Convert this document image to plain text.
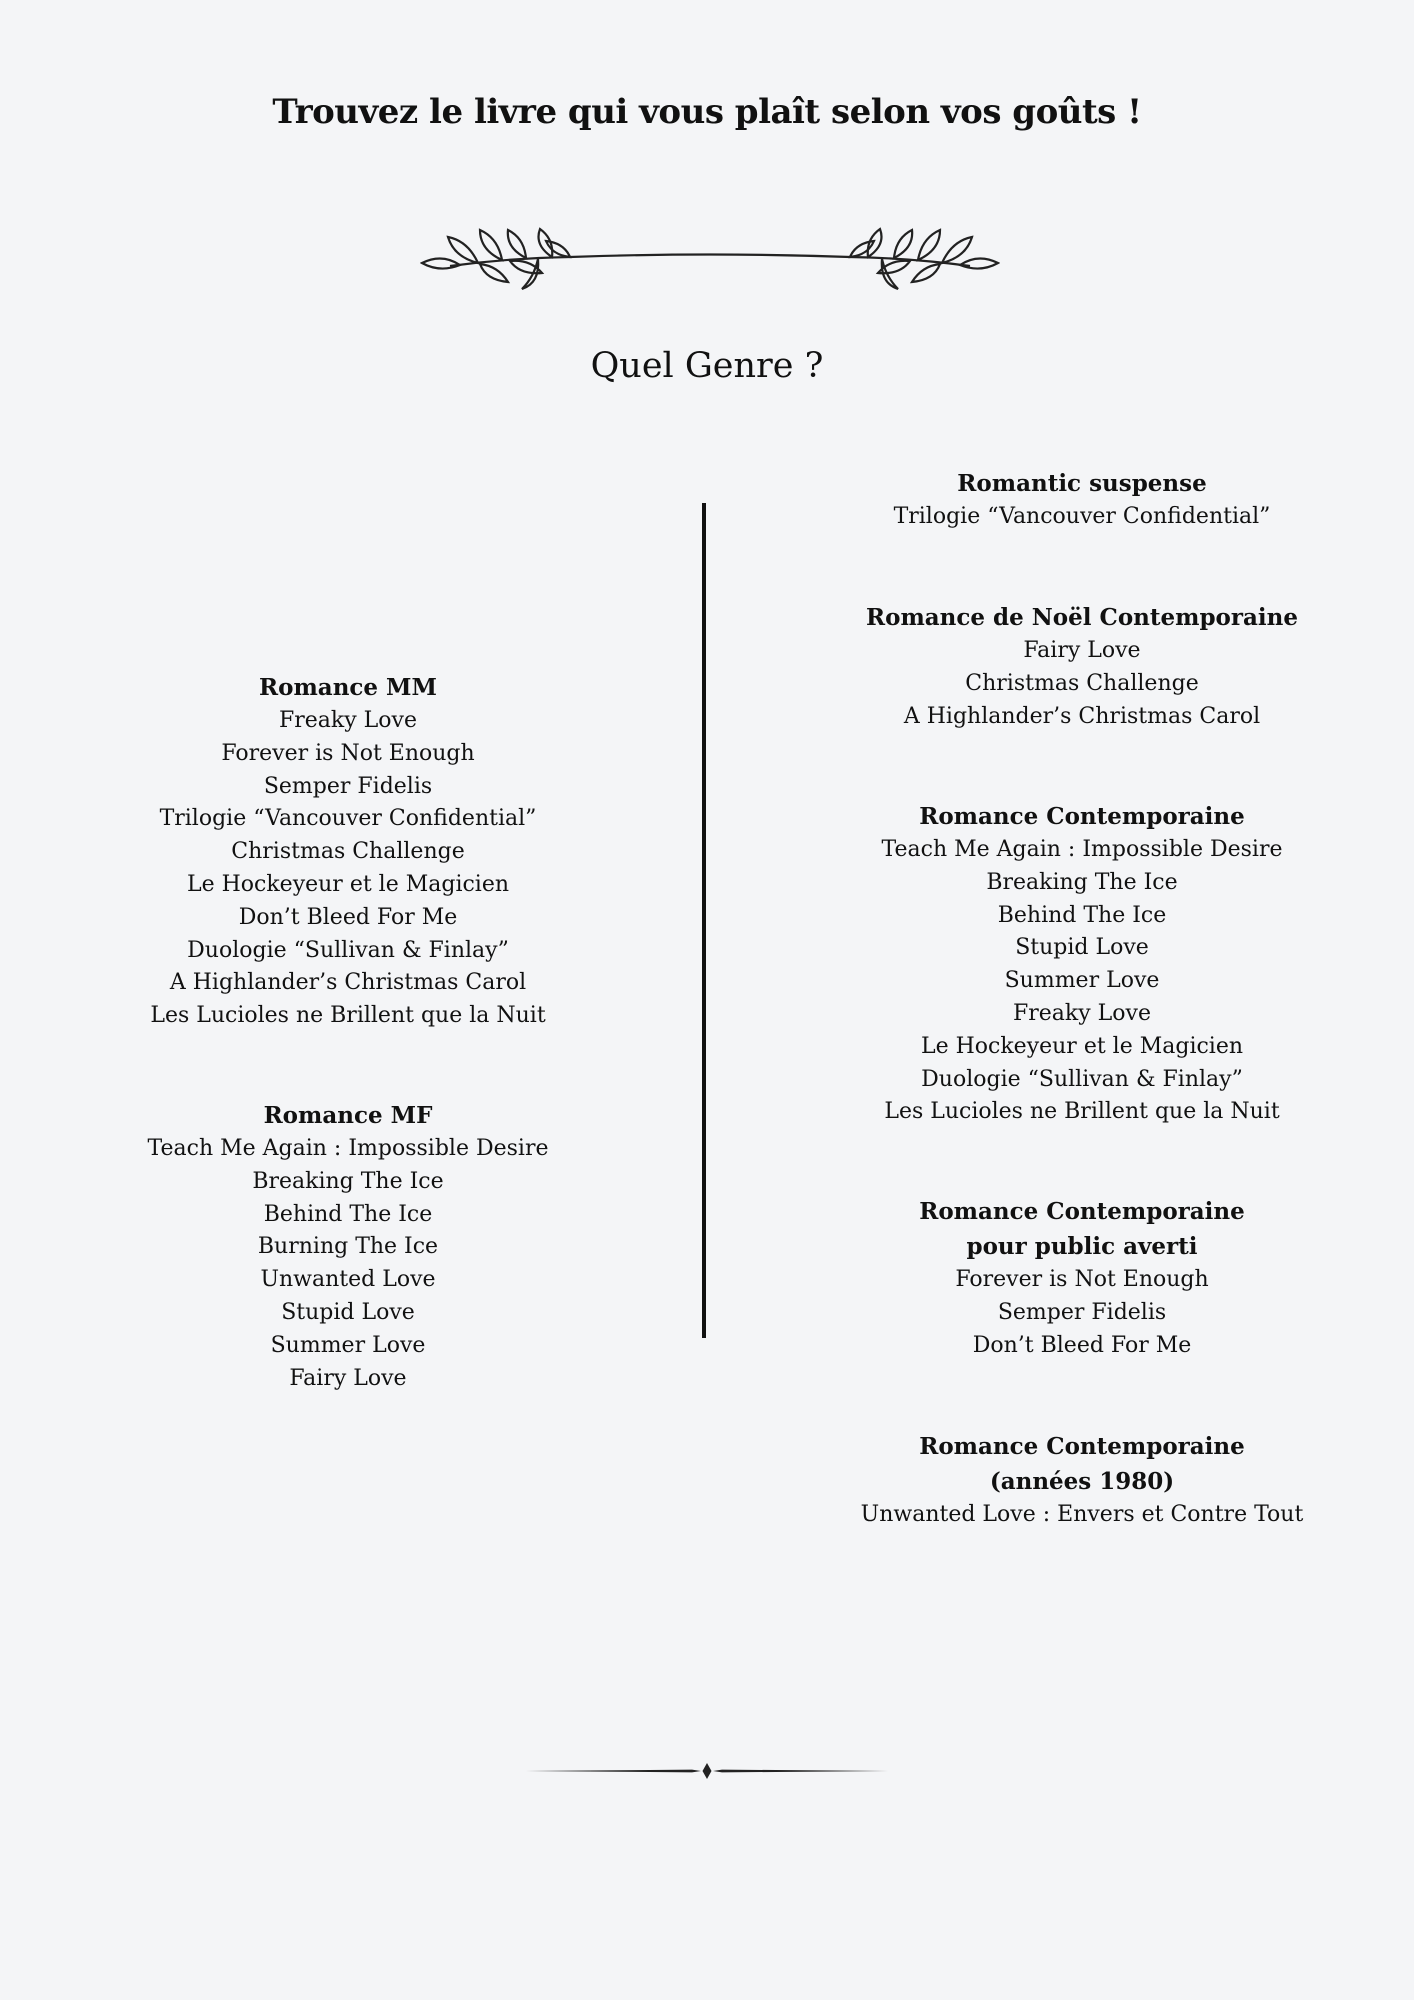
Trouvez le livre qui vous plaît selon vos goûts !
Quel Genre ?
Romance MM
Freaky Love
Forever is Not Enough
Semper Fidelis
Trilogie “Vancouver Confidential”
Christmas Challenge
Le Hockeyeur et le Magicien
Don’t Bleed For Me
Duologie “Sullivan & Finlay”
A Highlander’s Christmas Carol
Les Lucioles ne Brillent que la Nuit
Romance MF
Teach Me Again : Impossible Desire
Breaking The Ice
Behind The Ice
Burning The Ice
Unwanted Love
Stupid Love
Summer Love
Fairy Love
Romantic suspense
Trilogie “Vancouver Confidential”
Romance de Noël Contemporaine
Fairy Love
Christmas Challenge
A Highlander’s Christmas Carol
Romance Contemporaine
Teach Me Again : Impossible Desire
Breaking The Ice
Behind The Ice
Stupid Love
Summer Love
Freaky Love
Le Hockeyeur et le Magicien
Duologie “Sullivan & Finlay”
Les Lucioles ne Brillent que la Nuit
Romance Contemporaine
pour public averti
Forever is Not Enough
Semper Fidelis
Don’t Bleed For Me
Romance Contemporaine
(années 1980)
Unwanted Love : Envers et Contre Tout
